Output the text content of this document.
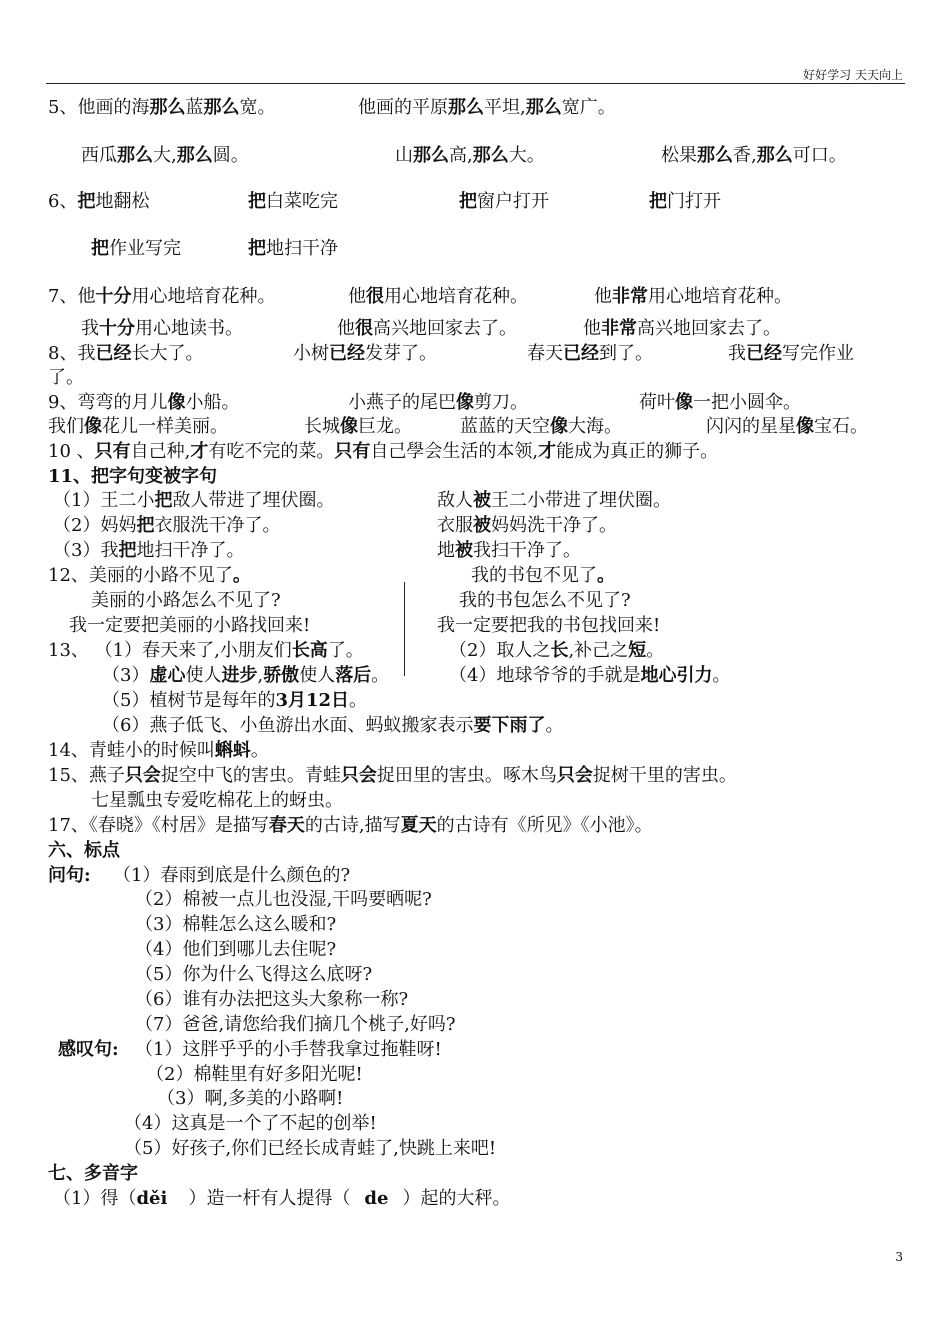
好好学习 天天向上
5、他画的海那么蓝那么宽。	他画的平原那么平坦,那么宽广。
西瓜那么大,那么圆。	山那么高,那么大。	松果那么香,那么可口。
6、把地翻松	把白菜吃完	把窗户打开	把门打开
把作业写完	把地扫干净
7、他十分用心地培育花种。	他很用心地培育花种。	他非常用心地培育花种。
我十分用心地读书。	他很高兴地回家去了。	他非常高兴地回家去了。
8、我已经长大了。	小树已经发芽了。	春天已经到了。	我已经写完作业
了。
9、弯弯的月儿像小船。	小燕子的尾巴像剪刀。	荷叶像一把小圆伞。
我们像花儿一样美丽。	长城像巨龙。	蓝蓝的天空像大海。	闪闪的星星像宝石。
10 、只有自己种,才有吃不完的菜。只有自己學会生活的本领,才能成为真正的狮子。
11、把字句变被字句
（1）王二小把敌人带进了埋伏圈。	敌人被王二小带进了埋伏圈。
（2）妈妈把衣服洗干净了。	衣服被妈妈洗干净了。
（3）我把地扫干净了。	地被我扫干净了。
12、美丽的小路不见了。	我的书包不见了。
美丽的小路怎么不见了?	我的书包怎么不见了?
我一定要把美丽的小路找回来!	我一定要把我的书包找回来!
13、 （1）春天来了,小朋友们长高了。	（2）取人之长,补己之短。
（3）虚心使人进步,骄傲使人落后。	（4）地球爷爷的手就是地心引力。
（5）植树节是每年的3月12日。
（6）燕子低飞、小鱼游出水面、蚂蚁搬家表示要下雨了。
14、青蛙小的时候叫蝌蚪。
15、燕子只会捉空中飞的害虫。青蛙只会捉田里的害虫。啄木鸟只会捉树干里的害虫。
七星瓢虫专爱吃棉花上的蚜虫。
17、《春晓》《村居》是描写春天的古诗,描写夏天的古诗有《所见》《小池》。
六、标点
问句: （1）春雨到底是什么颜色的?
（2）棉被一点儿也没湿,干吗要晒呢?
（3）棉鞋怎么这么暖和?
（4）他们到哪儿去住呢?
（5）你为什么飞得这么底呀?
（6）谁有办法把这头大象称一称?
（7）爸爸,请您给我们摘几个桃子,好吗?
感叹句: （1）这胖乎乎的小手替我拿过拖鞋呀!
（2）棉鞋里有好多阳光呢!
（3）啊,多美的小路啊!
（4）这真是一个了不起的创举!
（5）好孩子,你们已经长成青蛙了,快跳上来吧!
七、多音字
（1）得（děi ）造一杆有人提得（ de ）起的大秤。
3
